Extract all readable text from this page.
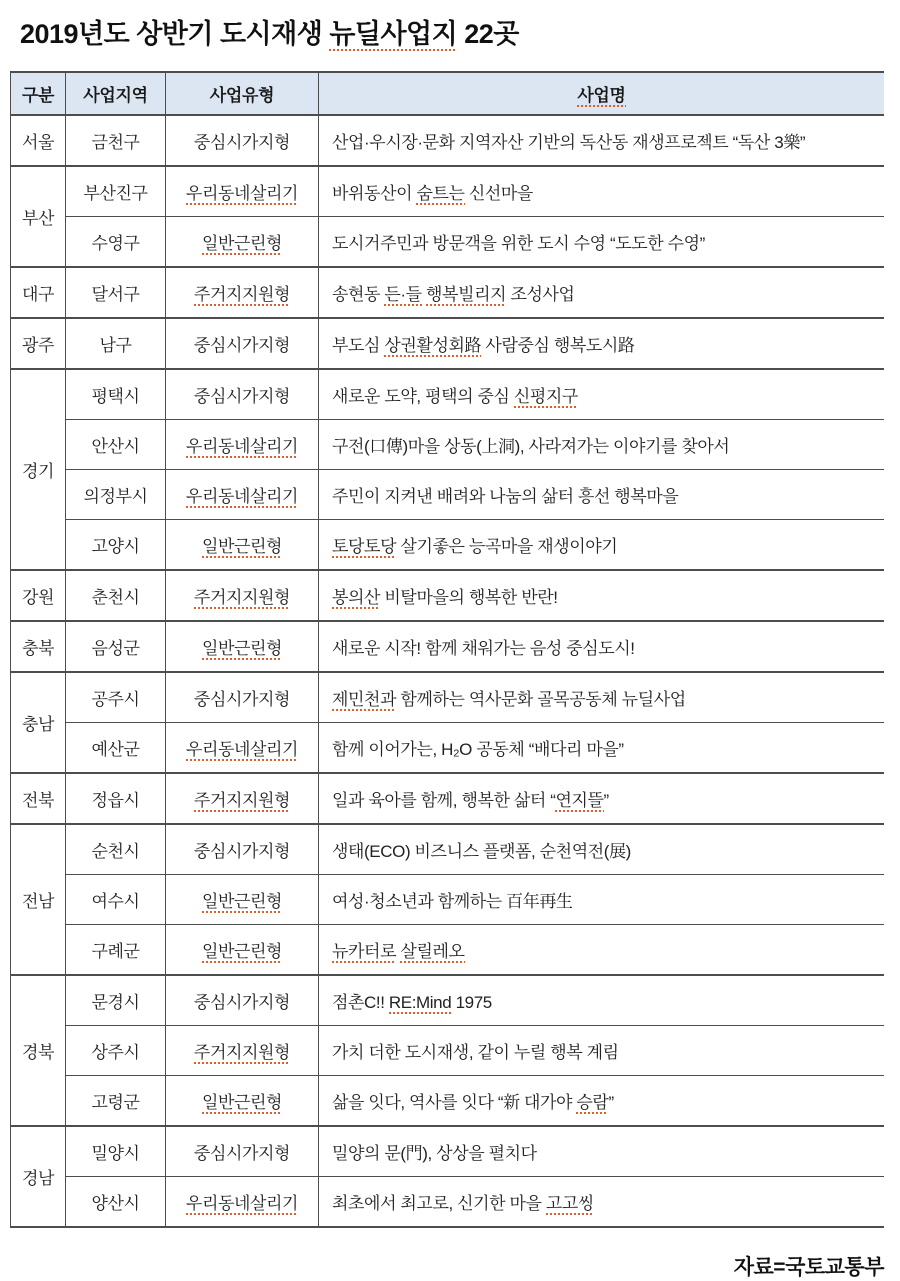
2019년도 상반기 도시재생 뉴딜사업지 22곳
구분	사업지역	사업유형	사업명
서울	금천구	중심시가지형	산업·우시장·문화 지역자산 기반의 독산동 재생프로젝트 “독산 3樂”
부산	부산진구	우리동네살리기	바위동산이 숨트는 신선마을
	수영구	일반근린형	도시거주민과 방문객을 위한 도시 수영 “도도한 수영”
대구	달서구	주거지지원형	송현동 든·들 행복빌리지 조성사업
광주	남구	중심시가지형	부도심 상권활성회路 사람중심 행복도시路
경기	평택시	중심시가지형	새로운 도약, 평택의 중심 신평지구
	안산시	우리동네살리기	구전(口傳)마을 상동(上洞), 사라져가는 이야기를 찾아서
	의정부시	우리동네살리기	주민이 지켜낸 배려와 나눔의 삶터 흥선 행복마을
	고양시	일반근린형	토당토당 살기좋은 능곡마을 재생이야기
강원	춘천시	주거지지원형	봉의산 비탈마을의 행복한 반란!
충북	음성군	일반근린형	새로운 시작! 함께 채워가는 음성 중심도시!
충남	공주시	중심시가지형	제민천과 함께하는 역사문화 골목공동체 뉴딜사업
	예산군	우리동네살리기	함께 이어가는, H₂O 공동체 “배다리 마을”
전북	정읍시	주거지지원형	일과 육아를 함께, 행복한 삶터 “연지뜰”
전남	순천시	중심시가지형	생태(ECO) 비즈니스 플랫폼, 순천역전(展)
	여수시	일반근린형	여성·청소년과 함께하는 百年再生
	구례군	일반근린형	뉴카터로 살릴레오
경북	문경시	중심시가지형	점촌C!! RE:Mind 1975
	상주시	주거지지원형	가치 더한 도시재생, 같이 누릴 행복 계림
	고령군	일반근린형	삶을 잇다, 역사를 잇다 “新 대가야 승람”
경남	밀양시	중심시가지형	밀양의 문(門), 상상을 펼치다
	양산시	우리동네살리기	최초에서 최고로, 신기한 마을 고고씽
자료=국토교통부
